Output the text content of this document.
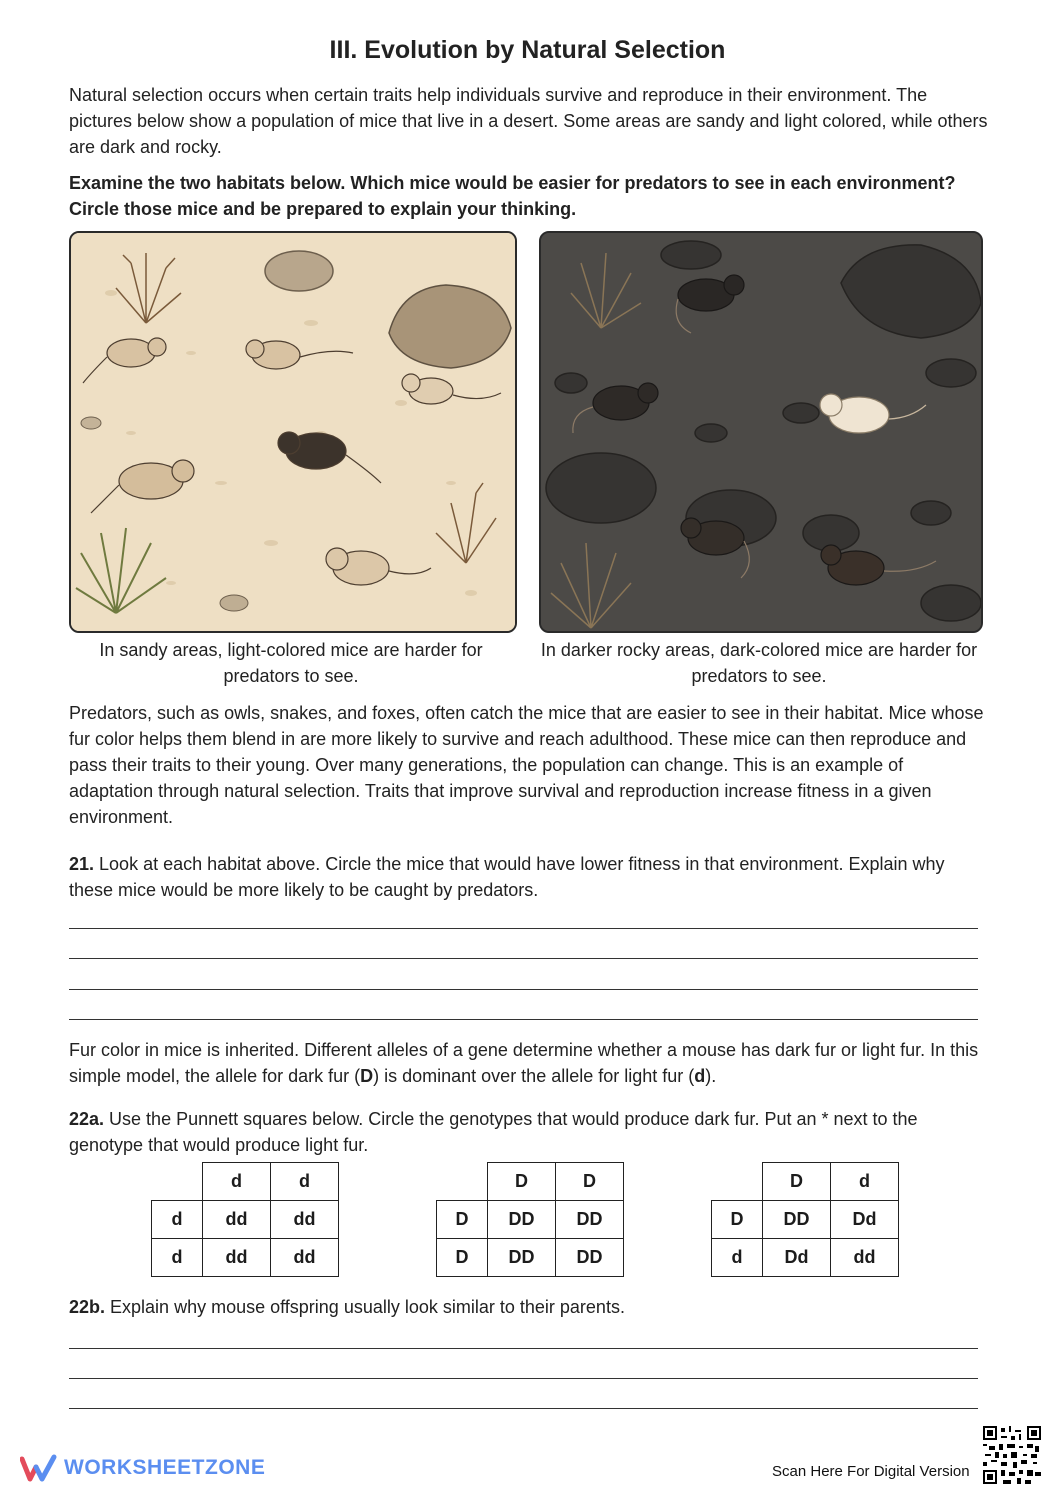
III. Evolution by Natural Selection
Natural selection occurs when certain traits help individuals survive and reproduce in their environment. The pictures below show a population of mice that live in a desert. Some areas are sandy and light colored, while others are dark and rocky.
Examine the two habitats below. Which mice would be easier for predators to see in each environment? Circle those mice and be prepared to explain your thinking.
In sandy areas, light-colored mice are harder for predators to see.
In darker rocky areas, dark-colored mice are harder for predators to see.
Predators, such as owls, snakes, and foxes, often catch the mice that are easier to see in their habitat. Mice whose fur color helps them blend in are more likely to survive and reach adulthood. These mice can then reproduce and pass their traits to their young. Over many generations, the population can change. This is an example of adaptation through natural selection. Traits that improve survival and reproduction increase fitness in a given environment.
21. Look at each habitat above. Circle the mice that would have lower fitness in that environment. Explain why these mice would be more likely to be caught by predators.
Fur color in mice is inherited. Different alleles of a gene determine whether a mouse has dark fur or light fur. In this simple model, the allele for dark fur (D) is dominant over the allele for light fur (d).
22a. Use the Punnett squares below. Circle the genotypes that would produce dark fur. Put an * next to the genotype that would produce light fur.
	d	d
d	dd	dd
d	dd	dd
	D	D
D	DD	DD
D	DD	DD
	D	d
D	DD	Dd
d	Dd	dd
22b. Explain why mouse offspring usually look similar to their parents.
WORKSHEETZONE	Scan Here For Digital Version
